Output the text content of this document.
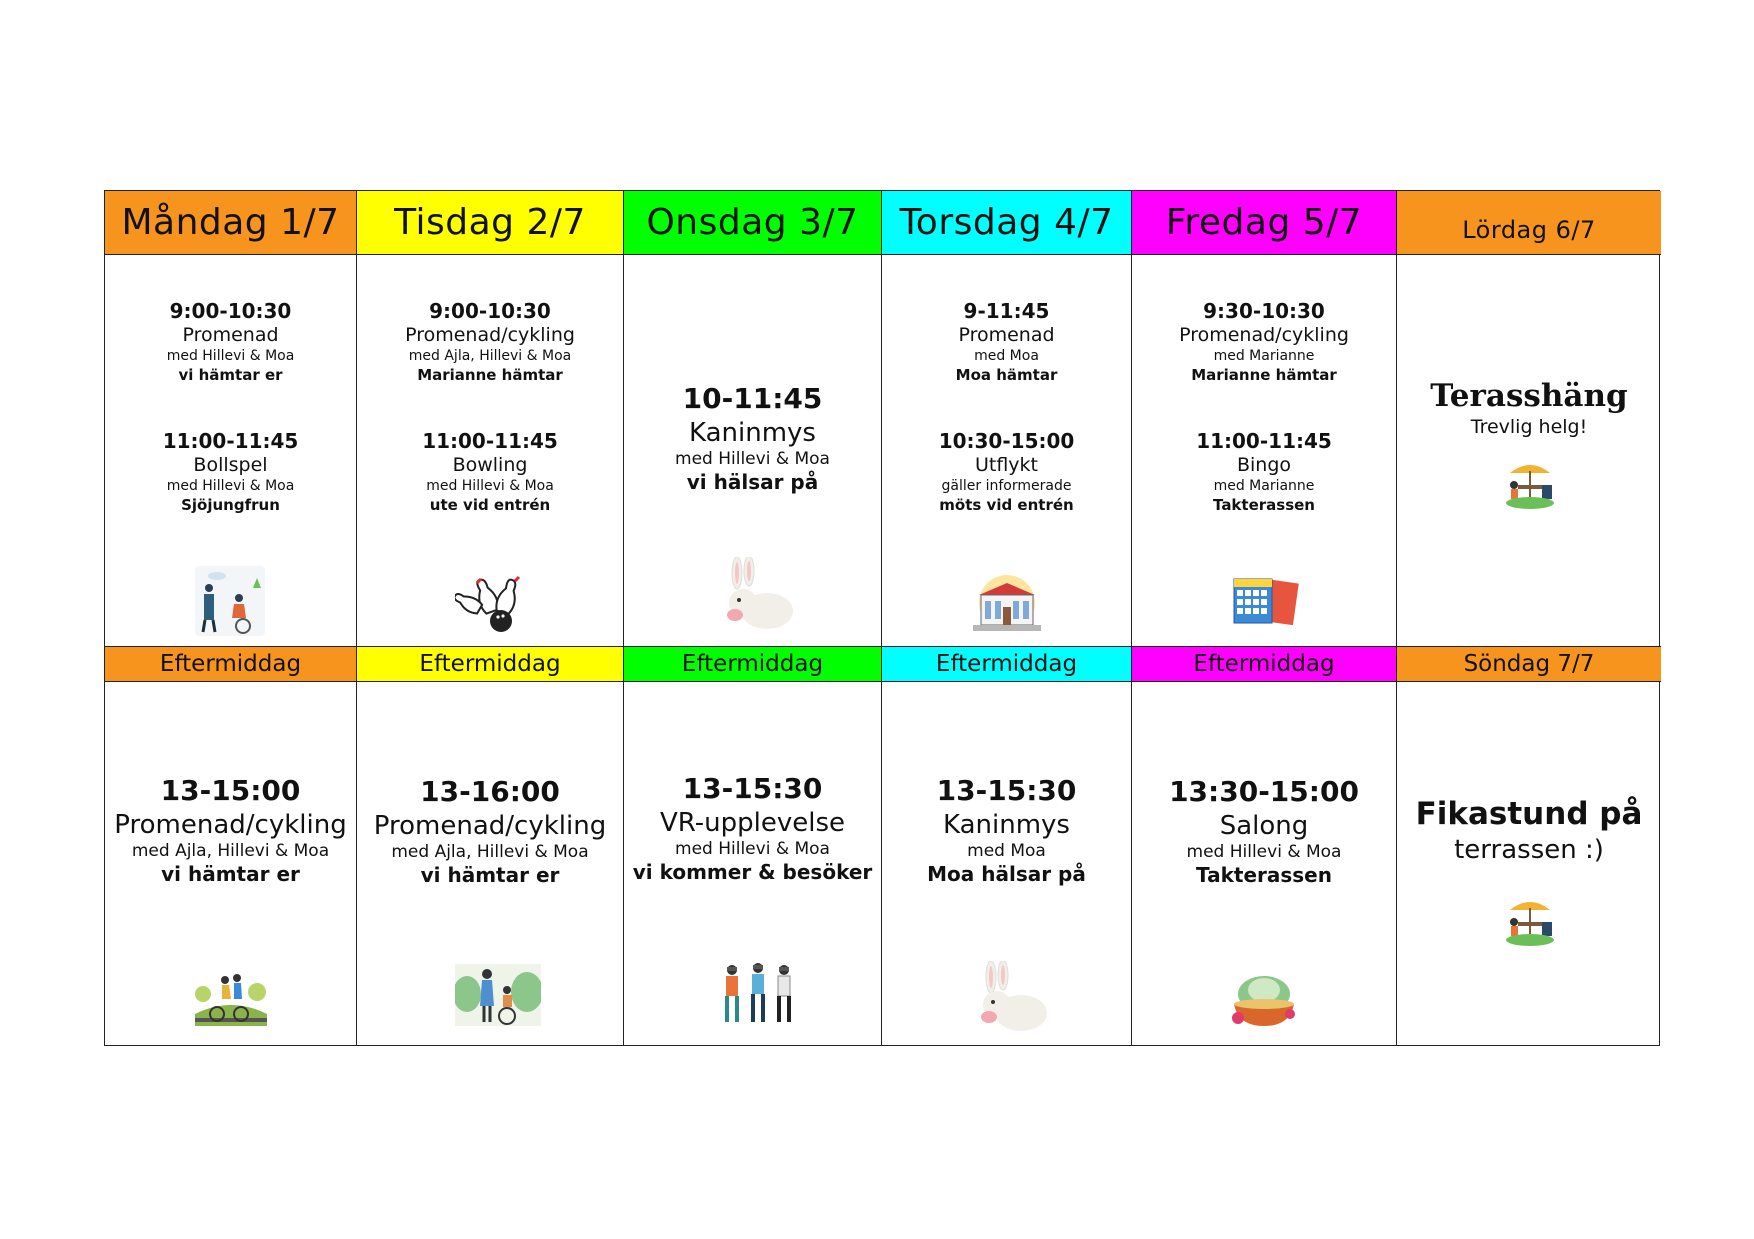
Måndag 1/7
9:00-10:30
Promenad
med Hillevi & Moa
vi hämtar er
11:00-11:45
Bollspel
med Hillevi & Moa
Sjöjungfrun
Eftermiddag
13-15:00
Promenad/cykling
med Ajla, Hillevi & Moa
vi hämtar er
Tisdag 2/7
9:00-10:30
Promenad/cykling
med Ajla, Hillevi & Moa
Marianne hämtar
11:00-11:45
Bowling
med Hillevi & Moa
ute vid entrén
Eftermiddag
13-16:00
Promenad/cykling
med Ajla, Hillevi & Moa
vi hämtar er
Onsdag 3/7
10-11:45
Kaninmys
med Hillevi & Moa
vi hälsar på
Eftermiddag
13-15:30
VR-upplevelse
med Hillevi & Moa
vi kommer & besöker
Torsdag 4/7
9-11:45
Promenad
med Moa
Moa hämtar
10:30-15:00
Utflykt
gäller informerade
möts vid entrén
Eftermiddag
13-15:30
Kaninmys
med Moa
Moa hälsar på
Fredag 5/7
9:30-10:30
Promenad/cykling
med Marianne
Marianne hämtar
11:00-11:45
Bingo
med Marianne
Takterassen
Eftermiddag
13:30-15:00
Salong
med Hillevi & Moa
Takterassen
Lördag 6/7
Terasshäng
Trevlig helg!
Söndag 7/7
Fikastund på
terrassen :)
